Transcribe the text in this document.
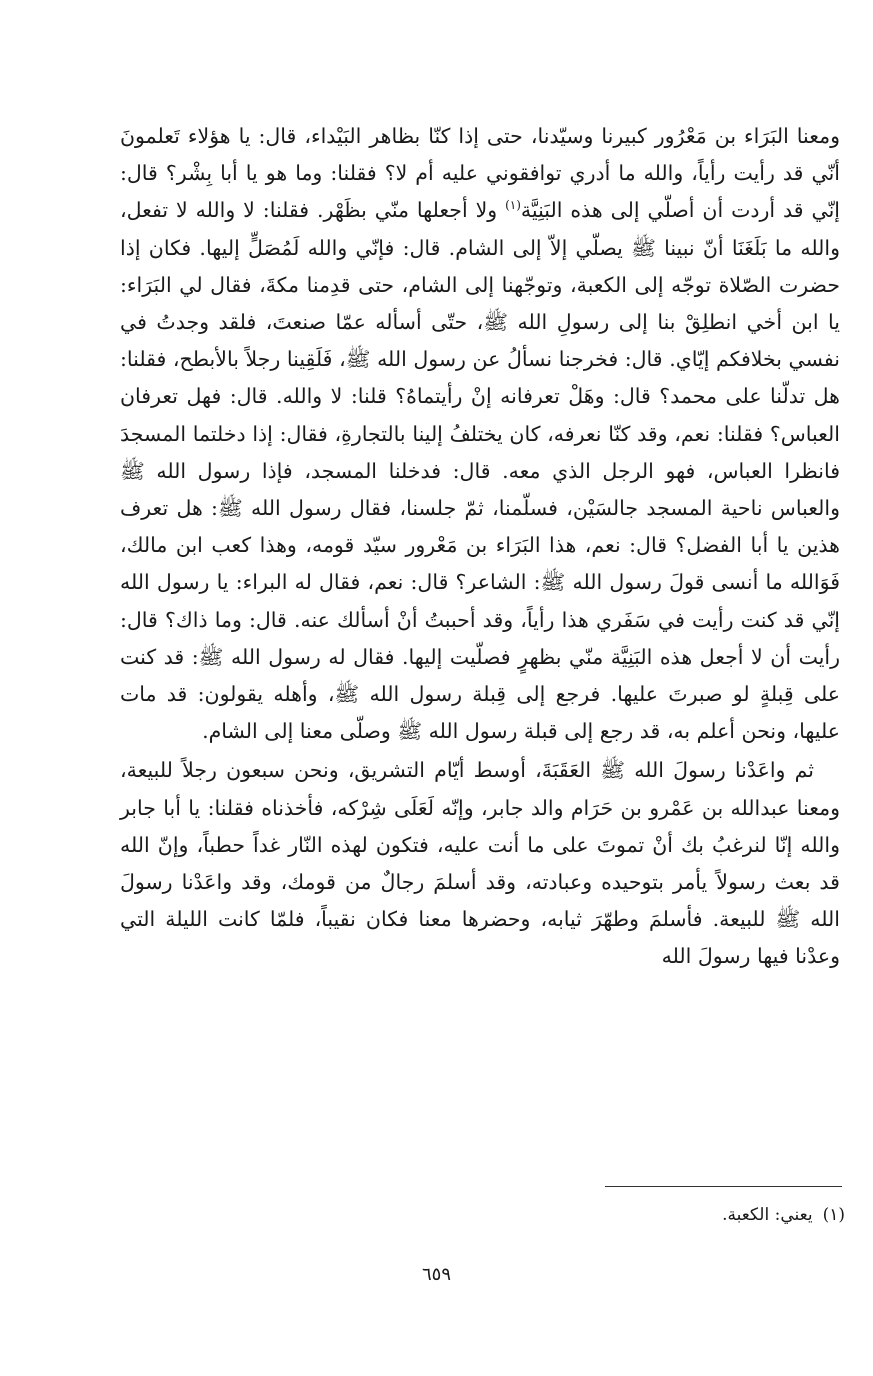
ومعنا البَرَاء بن مَعْرُور كبيرنا وسيّدنا، حتى إذا كنّا بظاهر البَيْداء، قال: يا هؤلاء تَعلمونَ أنّي قد رأيت رأياً، والله ما أدري توافقوني عليه أم لا؟ فقلنا: وما هو يا أبا بِشْر؟ قال: إنّي قد أردت أن أصلّي إلى هذه البَنِيَّة$^{(١)}$ ولا أجعلها منّي بظَهْر. فقلنا: لا والله لا تفعل، والله ما بَلَغَنَا أنّ نبينا ﷺ يصلّي إلاّ إلى الشام. قال: فإنّي والله لَمُصَلٍّ إليها. فكان إذا حضرت الصّلاة توجّه إلى الكعبة، وتوجّهنا إلى الشام، حتى قدِمنا مكةَ، فقال لي البَرَاء: يا ابن أخي انطلِقْ بنا إلى رسولِ الله ﷺ، حتّى أسأله عمّا صنعتَ، فلقد وجدتُ في نفسي بخلافكم إيّاي. قال: فخرجنا نسألُ عن رسول الله ﷺ، فَلَقِينا رجلاً بالأبطح، فقلنا: هل تدلّنا على محمد؟ قال: وهَلْ تعرفانه إنْ رأيتماهُ؟ قلنا: لا والله. قال: فهل تعرفان العباس؟ فقلنا: نعم، وقد كنّا نعرفه، كان يختلفُ إلينا بالتجارةِ، فقال: إذا دخلتما المسجدَ فانظرا العباس، فهو الرجل الذي معه. قال: فدخلنا المسجد، فإذا رسول الله ﷺ والعباس ناحية المسجد جالسَيْن، فسلّمنا، ثمّ جلسنا، فقال رسول الله ﷺ: هل تعرف هذين يا أبا الفضل؟ قال: نعم، هذا البَرَاء بن مَعْرور سيّد قومه، وهذا كعب ابن مالك، فَوَالله ما أنسى قولَ رسول الله ﷺ: الشاعر؟ قال: نعم، فقال له البراء: يا رسول الله إنّي قد كنت رأيت في سَفَري هذا رأياً، وقد أحببتُ أنْ أسألك عنه. قال: وما ذاك؟ قال: رأيت أن لا أجعل هذه البَنِيَّة منّي بظهرٍ فصلّيت إليها. فقال له رسول الله ﷺ: قد كنت على قِبلةٍ لو صبرتَ عليها. فرجع إلى قِبلة رسول الله ﷺ، وأهله يقولون: قد مات عليها، ونحن أعلم به، قد رجع إلى قبلة رسول الله ﷺ وصلّى معنا إلى الشام.

ثم واعَدْنا رسولَ الله ﷺ العَقَبَةَ، أوسط أيّام التشريق، ونحن سبعون رجلاً للبيعة، ومعنا عبدالله بن عَمْرو بن حَرَام والد جابر، وإنّه لَعَلَى شِرْكه، فأخذناه فقلنا: يا أبا جابر والله إنّا لنرغبُ بك أنْ تموتَ على ما أنت عليه، فتكون لهذه النّار غداً حطباً، وإنّ الله قد بعث رسولاً يأمر بتوحيده وعبادته، وقد أسلمَ رجالٌ من قومك، وقد واعَدْنا رسولَ الله ﷺ للبيعة. فأسلمَ وطهّرَ ثيابه، وحضرها معنا فكان نقيباً، فلمّا كانت الليلة التي وعدْنا فيها رسولَ الله

(١)يعني: الكعبة.
٦٥٩
